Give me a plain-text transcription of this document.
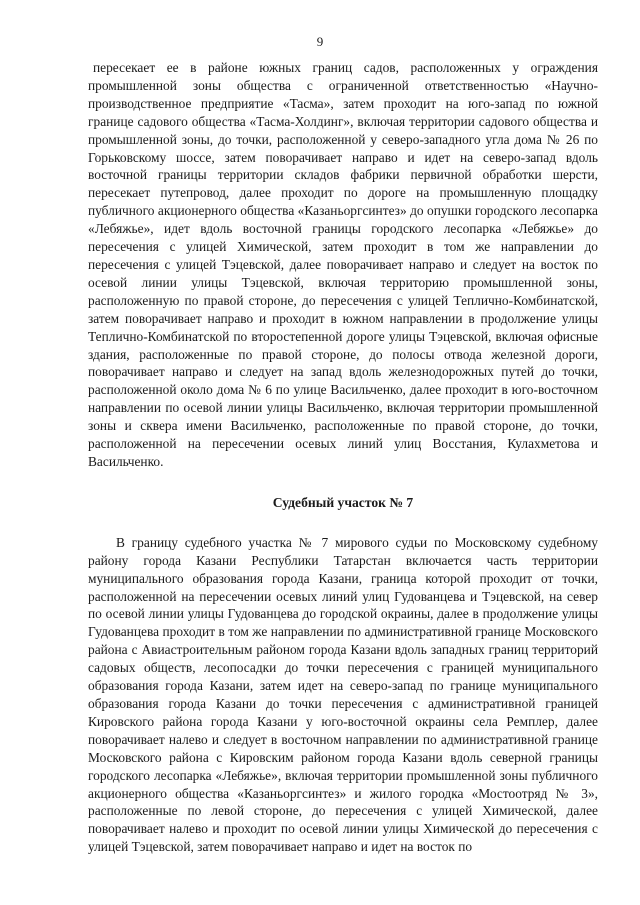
9

пересекает ее в районе южных границ садов, расположенных у ограждения промышленной зоны общества с ограниченной ответственностью «Научно-производственное предприятие «Тасма», затем проходит на юго-запад по южной границе садового общества «Тасма-Холдинг», включая территории садового общества и промышленной зоны, до точки, расположенной у северо-западного угла дома № 26 по Горьковскому шоссе, затем поворачивает направо и идет на северо-запад вдоль восточной границы территории складов фабрики первичной обработки шерсти, пересекает путепровод, далее проходит по дороге на промышленную площадку публичного акционерного общества «Казаньоргсинтез» до опушки городского лесопарка «Лебяжье», идет вдоль восточной границы городского лесопарка «Лебяжье» до пересечения с улицей Химической, затем проходит в том же направлении до пересечения с улицей Тэцевской, далее поворачивает направо и следует на восток по осевой линии улицы Тэцевской, включая территорию промышленной зоны, расположенную по правой стороне, до пересечения с улицей Теплично-Комбинатской, затем поворачивает направо и проходит в южном направлении в продолжение улицы Теплично-Комбинатской по второстепенной дороге улицы Тэцевской, включая офисные здания, расположенные по правой стороне, до полосы отвода железной дороги, поворачивает направо и следует на запад вдоль железнодорожных путей до точки, расположенной около дома № 6 по улице Васильченко, далее проходит в юго-восточном направлении по осевой линии улицы Васильченко, включая территории промышленной зоны и сквера имени Васильченко, расположенные по правой стороне, до точки, расположенной на пересечении осевых линий улиц Восстания, Кулахметова и Васильченко.

Судебный участок № 7

В границу судебного участка № 7 мирового судьи по Московскому судебному району города Казани Республики Татарстан включается часть территории муниципального образования города Казани, граница которой проходит от точки, расположенной на пересечении осевых линий улиц Гудованцева и Тэцевской, на север по осевой линии улицы Гудованцева до городской окраины, далее в продолжение улицы Гудованцева проходит в том же направлении по административной границе Московского района с Авиастроительным районом города Казани вдоль западных границ территорий садовых обществ, лесопосадки до точки пересечения с границей муниципального образования города Казани, затем идет на северо-запад по границе муниципального образования города Казани до точки пересечения с административной границей Кировского района города Казани у юго-восточной окраины села Ремплер, далее поворачивает налево и следует в восточном направлении по административной границе Московского района с Кировским районом города Казани вдоль северной границы городского лесопарка «Лебяжье», включая территории промышленной зоны публичного акционерного общества «Казаньоргсинтез» и жилого городка «Мостоотряд № 3», расположенные по левой стороне, до пересечения с улицей Химической, далее поворачивает налево и проходит по осевой линии улицы Химической до пересечения с улицей Тэцевской, затем поворачивает направо и идет на восток по
